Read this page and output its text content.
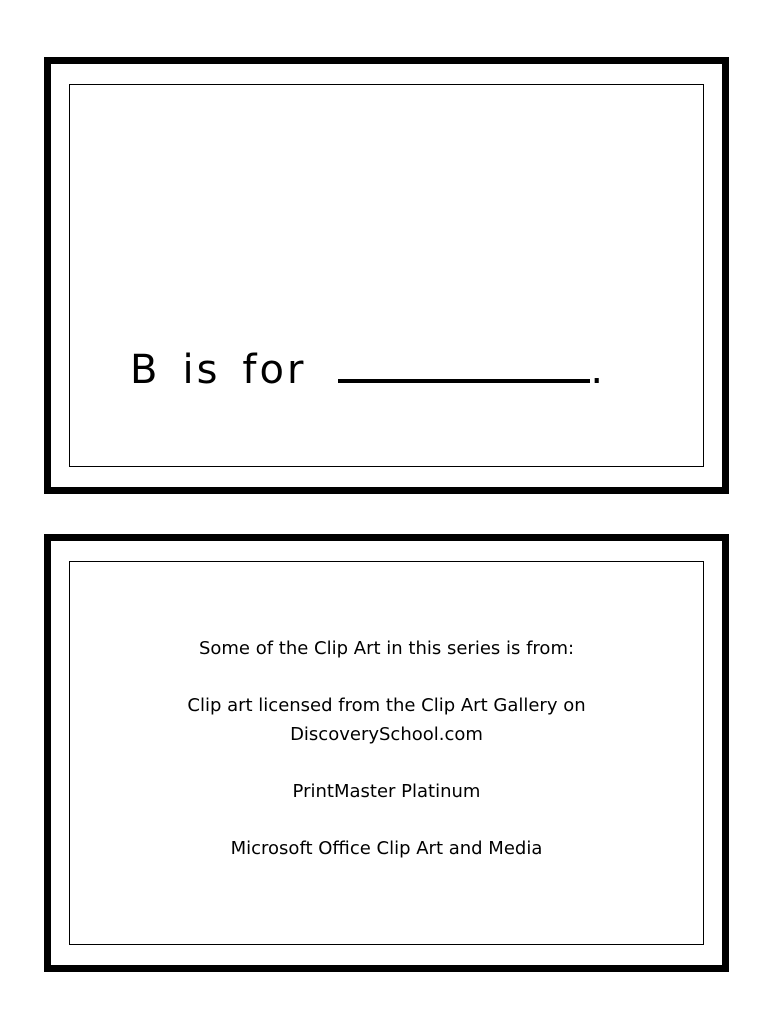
B is for	.

Some of the Clip Art in this series is from:

Clip art licensed from the Clip Art Gallery on
DiscoverySchool.com

PrintMaster Platinum

Microsoft Office Clip Art and Media
